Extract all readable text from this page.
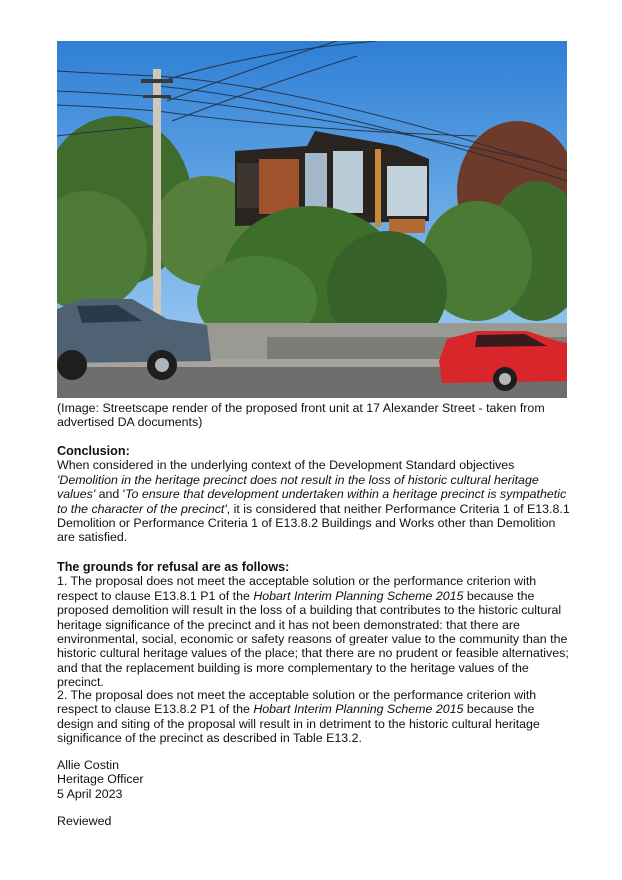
(Image: Streetscape render of the proposed front unit at 17 Alexander Street - taken from advertised DA documents)

Conclusion:

When considered in the underlying context of the Development Standard objectives
'Demolition in the heritage precinct does not result in the loss of historic cultural heritage values' and 'To ensure that development undertaken within a heritage precinct is sympathetic to the character of the precinct', it is considered that neither Performance Criteria 1 of E13.8.1 Demolition or Performance Criteria 1 of E13.8.2 Buildings and Works other than Demolition are satisfied.

The grounds for refusal are as follows:

1. The proposal does not meet the acceptable solution or the performance criterion with respect to clause E13.8.1 P1 of the Hobart Interim Planning Scheme 2015 because the proposed demolition will result in the loss of a building that contributes to the historic cultural heritage significance of the precinct and it has not been demonstrated: that there are environmental, social, economic or safety reasons of greater value to the community than the historic cultural heritage values of the place; that there are no prudent or feasible alternatives; and that the replacement building is more complementary to the heritage values of the precinct.

2. The proposal does not meet the acceptable solution or the performance criterion with respect to clause E13.8.2 P1 of the Hobart Interim Planning Scheme 2015 because the design and siting of the proposal will result in in detriment to the historic cultural heritage significance of the precinct as described in Table E13.2.

Allie Costin
Heritage Officer
5 April 2023
Reviewed
